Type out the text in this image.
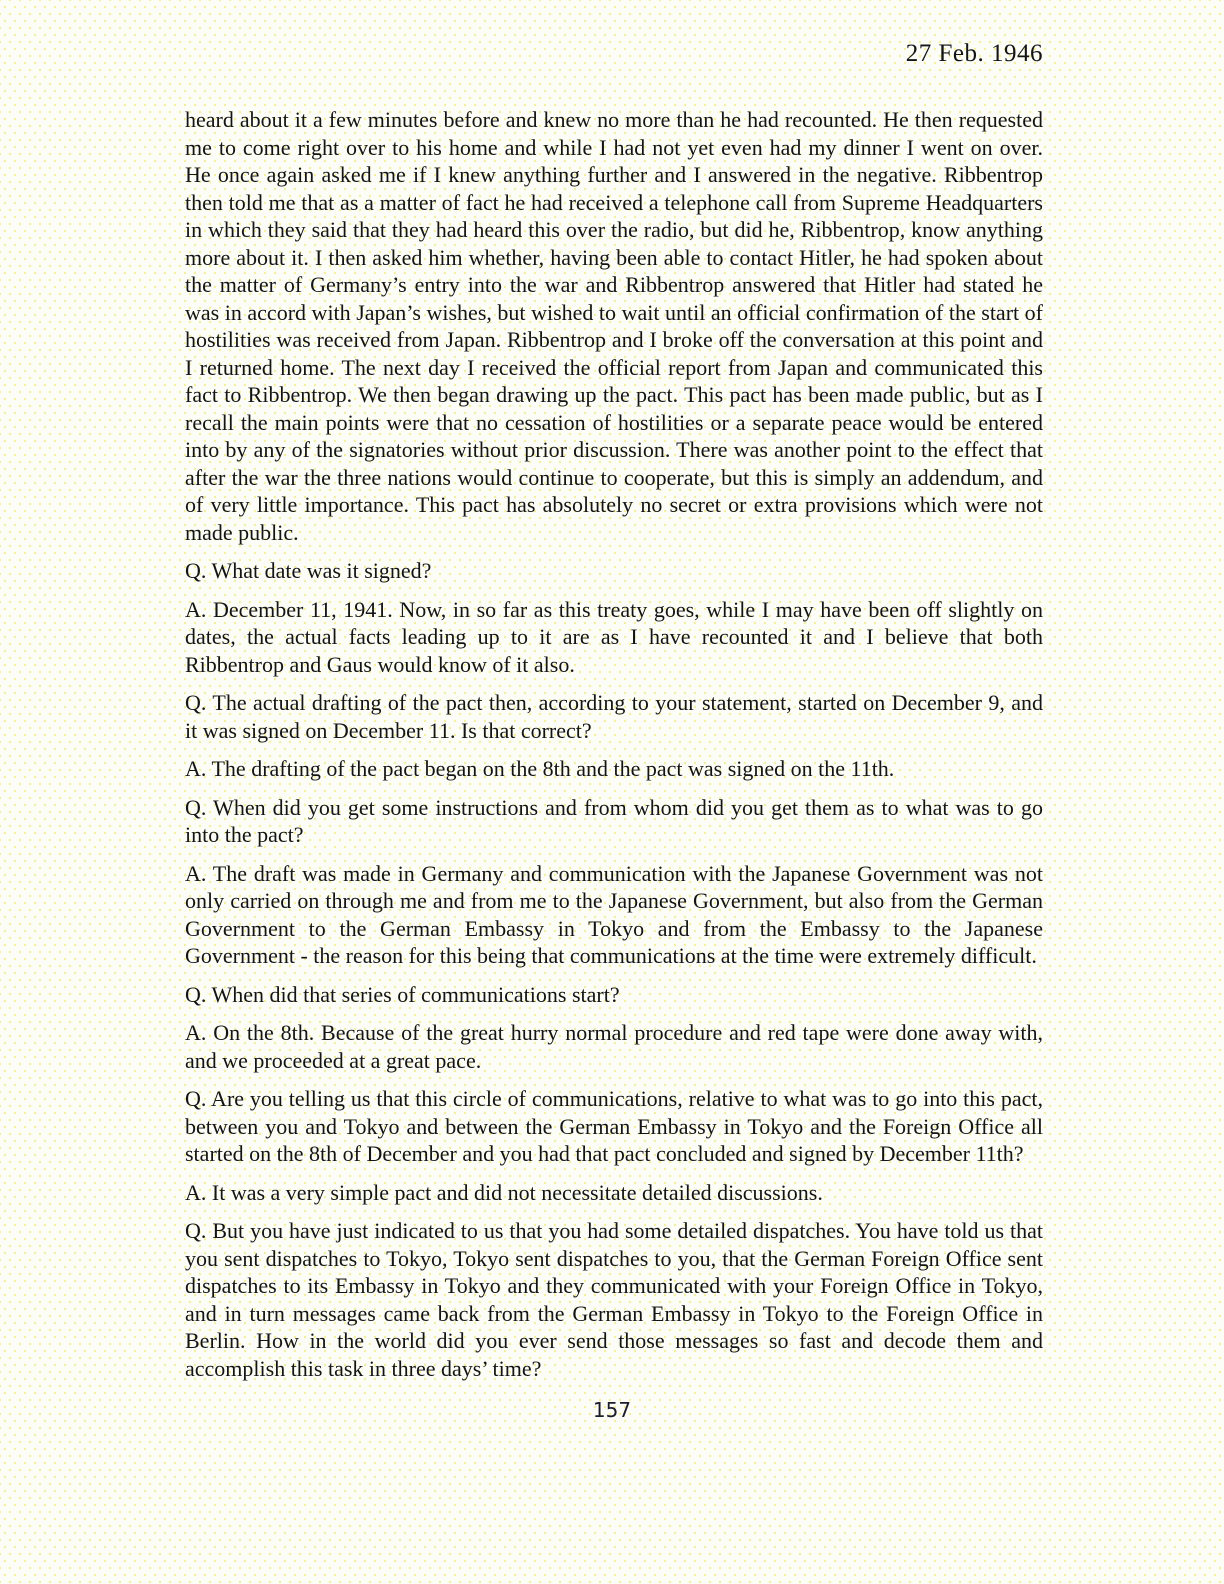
27 Feb. 1946

heard about it a few minutes before and knew no more than he had recounted. He then requested me to come right over to his home and while I had not yet even had my dinner I went on over. He once again asked me if I knew anything further and I answered in the negative. Ribbentrop then told me that as a matter of fact he had received a telephone call from Supreme Headquarters in which they said that they had heard this over the radio, but did he, Ribbentrop, know anything more about it. I then asked him whether, having been able to contact Hitler, he had spoken about the matter of Germany’s entry into the war and Ribbentrop answered that Hitler had stated he was in accord with Japan’s wishes, but wished to wait until an official confirmation of the start of hostilities was received from Japan. Ribbentrop and I broke off the conversation at this point and I returned home. The next day I received the official report from Japan and communicated this fact to Ribbentrop. We then began drawing up the pact. This pact has been made public, but as I recall the main points were that no cessation of hostilities or a separate peace would be entered into by any of the signatories without prior discussion. There was another point to the effect that after the war the three nations would continue to cooperate, but this is simply an addendum, and of very little importance. This pact has absolutely no secret or extra provisions which were not made public.

Q. What date was it signed?

A. December 11, 1941. Now, in so far as this treaty goes, while I may have been off slightly on dates, the actual facts leading up to it are as I have recounted it and I believe that both Ribbentrop and Gaus would know of it also.

Q. The actual drafting of the pact then, according to your statement, started on December 9, and it was signed on December 11. Is that correct?

A. The drafting of the pact began on the 8th and the pact was signed on the 11th.

Q. When did you get some instructions and from whom did you get them as to what was to go into the pact?

A. The draft was made in Germany and communication with the Japanese Government was not only carried on through me and from me to the Japanese Government, but also from the German Government to the German Embassy in Tokyo and from the Embassy to the Japanese Government - the reason for this being that communications at the time were extremely difficult.

Q. When did that series of communications start?

A. On the 8th. Because of the great hurry normal procedure and red tape were done away with, and we proceeded at a great pace.

Q. Are you telling us that this circle of communications, relative to what was to go into this pact, between you and Tokyo and between the German Embassy in Tokyo and the Foreign Office all started on the 8th of December and you had that pact concluded and signed by December 11th?

A. It was a very simple pact and did not necessitate detailed discussions.

Q. But you have just indicated to us that you had some detailed dispatches. You have told us that you sent dispatches to Tokyo, Tokyo sent dispatches to you, that the German Foreign Office sent dispatches to its Embassy in Tokyo and they communicated with your Foreign Office in Tokyo, and in turn messages came back from the German Embassy in Tokyo to the Foreign Office in Berlin. How in the world did you ever send those messages so fast and decode them and accomplish this task in three days’ time?

157
